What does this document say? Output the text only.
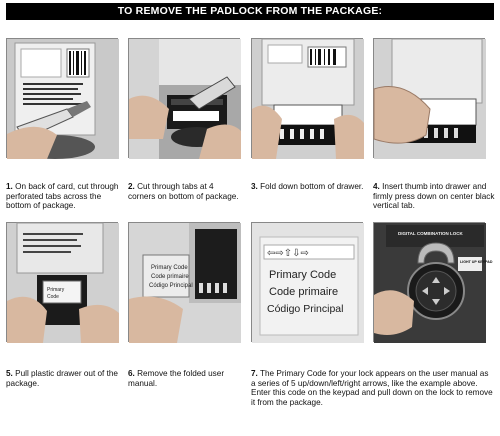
TO REMOVE THE PADLOCK FROM THE PACKAGE:
1. On back of card, cut through perforated tabs across the bottom of package.
2. Cut through tabs at 4 corners on bottom of package.
3. Fold down bottom of drawer.	4. Insert thumb into drawer and firmly press down on center black vertical tab.
Primary
Code
Primary Code
Code primaire
Código Principal
⇦⇨⇧⇩⇨
Primary Code
Code primaire
Código Principal
DIGITAL COMBINATION LOCK
LIGHT UP KEYPAD
5. Pull plastic drawer out of the package.
6. Remove the folded user manual.
7. The Primary Code for your lock appears on the user manual as a series of 5 up/down/left/right arrows, like the example above. Enter this code on the keypad and pull down on the lock to remove it from the package.
